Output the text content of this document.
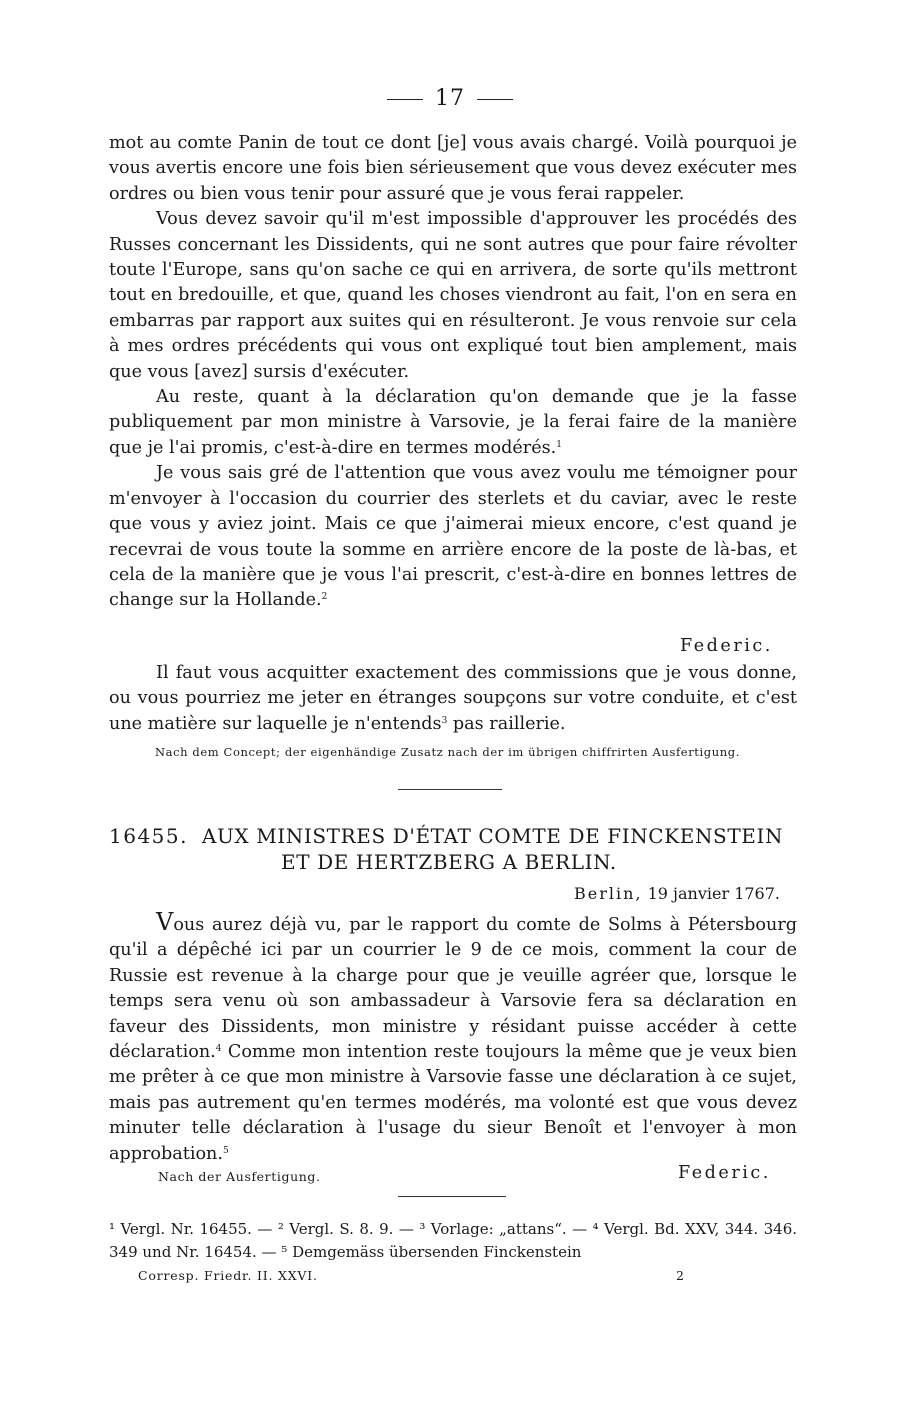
17

mot au comte Panin de tout ce dont [je] vous avais chargé. Voilà pourquoi je vous avertis encore une fois bien sérieusement que vous devez exécuter mes ordres ou bien vous tenir pour assuré que je vous ferai rappeler.

Vous devez savoir qu'il m'est impossible d'approuver les procédés des Russes concernant les Dissidents, qui ne sont autres que pour faire révolter toute l'Europe, sans qu'on sache ce qui en arrivera, de sorte qu'ils mettront tout en bredouille, et que, quand les choses viendront au fait, l'on en sera en embarras par rapport aux suites qui en résulteront. Je vous renvoie sur cela à mes ordres précédents qui vous ont expliqué tout bien amplement, mais que vous [avez] sursis d'exécuter.

Au reste, quant à la déclaration qu'on demande que je la fasse publiquement par mon ministre à Varsovie, je la ferai faire de la manière que je l'ai promis, c'est-à-dire en termes modérés.$^1$

Je vous sais gré de l'attention que vous avez voulu me témoigner pour m'envoyer à l'occasion du courrier des sterlets et du caviar, avec le reste que vous y aviez joint. Mais ce que j'aimerai mieux encore, c'est quand je recevrai de vous toute la somme en arrière encore de la poste de là-bas, et cela de la manière que je vous l'ai prescrit, c'est-à-dire en bonnes lettres de change sur la Hollande.$^2$

Federic.

Il faut vous acquitter exactement des commissions que je vous donne, ou vous pourriez me jeter en étranges soupçons sur votre conduite, et c'est une matière sur laquelle je n'entends$^3$ pas raillerie.

Nach dem Concept; der eigenhändige Zusatz nach der im übrigen chiffrirten Ausfertigung.
16455. AUX MINISTRES D'ÉTAT COMTE DE FINCKENSTEIN
ET DE HERTZBERG A BERLIN.
Berlin, 19 janvier 1767.

Vous aurez déjà vu, par le rapport du comte de Solms à Pétersbourg qu'il a dépêché ici par un courrier le 9 de ce mois, comment la cour de Russie est revenue à la charge pour que je veuille agréer que, lorsque le temps sera venu où son ambassadeur à Varsovie fera sa déclaration en faveur des Dissidents, mon ministre y résidant puisse accéder à cette déclaration.$^4$ Comme mon intention reste toujours la même que je veux bien me prêter à ce que mon ministre à Varsovie fasse une déclaration à ce sujet, mais pas autrement qu'en termes modérés, ma volonté est que vous devez minuter telle déclaration à l'usage du sieur Benoît et l'envoyer à mon approbation.$^5$

Nach der Ausfertigung.	Federic.
¹ Vergl. Nr. 16455. — ² Vergl. S. 8. 9. — ³ Vorlage: „attans“. — ⁴ Vergl. Bd. XXV, 344. 346. 349 und Nr. 16454. — ⁵ Demgemäss übersenden Finckenstein
Corresp. Friedr. II. XXVI.	2
